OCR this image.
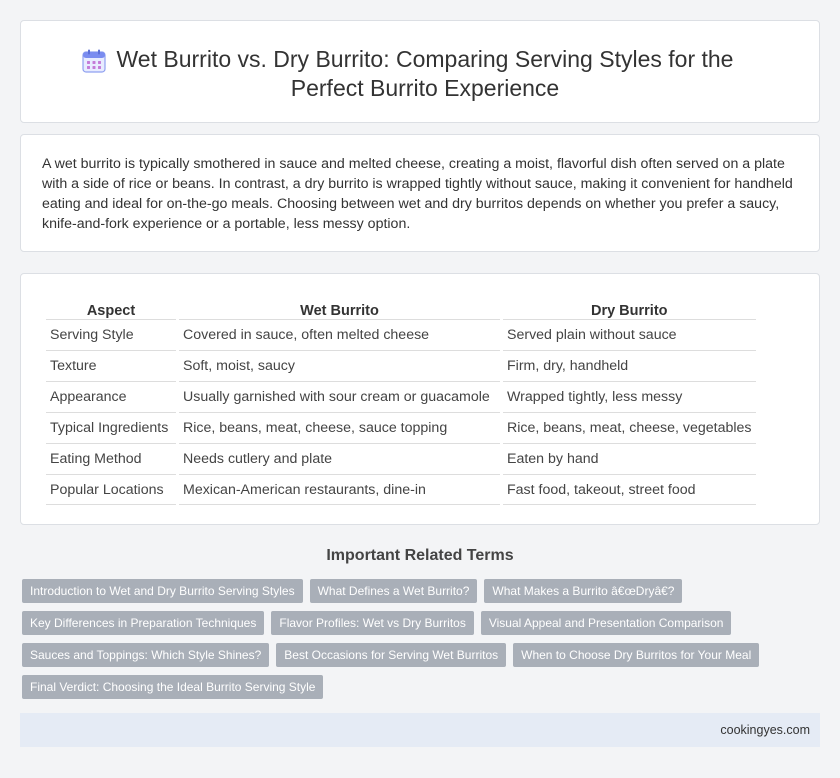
Wet Burrito vs. Dry Burrito: Comparing Serving Styles for the Perfect Burrito Experience

A wet burrito is typically smothered in sauce and melted cheese, creating a moist, flavorful dish often served on a plate with a side of rice or beans. In contrast, a dry burrito is wrapped tightly without sauce, making it convenient for handheld eating and ideal for on-the-go meals. Choosing between wet and dry burritos depends on whether you prefer a saucy, knife-and-fork experience or a portable, less messy option.

Aspect	Wet Burrito	Dry Burrito
Serving Style	Covered in sauce, often melted cheese	Served plain without sauce
Texture	Soft, moist, saucy	Firm, dry, handheld
Appearance	Usually garnished with sour cream or guacamole	Wrapped tightly, less messy
Typical Ingredients	Rice, beans, meat, cheese, sauce topping	Rice, beans, meat, cheese, vegetables
Eating Method	Needs cutlery and plate	Eaten by hand
Popular Locations	Mexican-American restaurants, dine-in	Fast food, takeout, street food
Important Related Terms
Introduction to Wet and Dry Burrito Serving Styles	What Defines a Wet Burrito?	What Makes a Burrito â€œDryâ€?
Key Differences in Preparation Techniques	Flavor Profiles: Wet vs Dry Burritos	Visual Appeal and Presentation Comparison
Sauces and Toppings: Which Style Shines?	Best Occasions for Serving Wet Burritos	When to Choose Dry Burritos for Your Meal
Final Verdict: Choosing the Ideal Burrito Serving Style
cookingyes.com
